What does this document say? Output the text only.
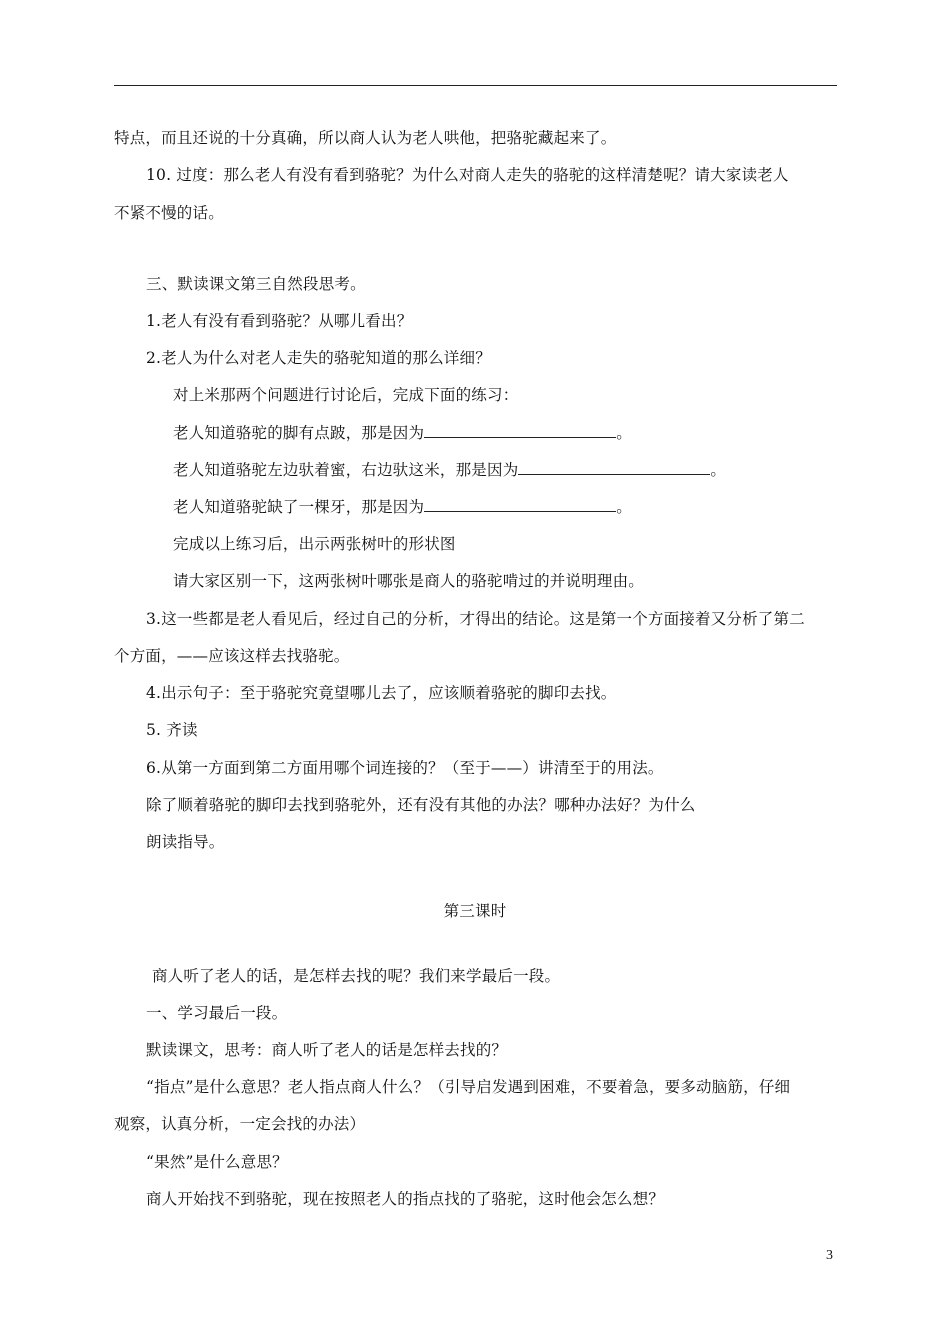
特点，而且还说的十分真确，所以商人认为老人哄他，把骆驼藏起来了。
10. 过度：那么老人有没有看到骆驼？为什么对商人走失的骆驼的这样清楚呢？请大家读老人
不紧不慢的话。
三、默读课文第三自然段思考。
1.老人有没有看到骆驼？从哪儿看出？
2.老人为什么对老人走失的骆驼知道的那么详细？
对上米那两个问题进行讨论后，完成下面的练习：
老人知道骆驼的脚有点跛，那是因为	。
老人知道骆驼左边驮着蜜，右边驮这米，那是因为	。
老人知道骆驼缺了一棵牙，那是因为	。
完成以上练习后，出示两张树叶的形状图
请大家区别一下，这两张树叶哪张是商人的骆驼啃过的并说明理由。
3.这一些都是老人看见后，经过自己的分析，才得出的结论。这是第一个方面接着又分析了第二
个方面，——应该这样去找骆驼。
4.出示句子：至于骆驼究竟望哪儿去了，应该顺着骆驼的脚印去找。
5. 齐读
6.从第一方面到第二方面用哪个词连接的？（至于——）讲清至于的用法。
除了顺着骆驼的脚印去找到骆驼外，还有没有其他的办法？哪种办法好？为什么
朗读指导。
第三课时
商人听了老人的话，是怎样去找的呢？我们来学最后一段。
一、学习最后一段。
默读课文，思考：商人听了老人的话是怎样去找的？
“指点”是什么意思？老人指点商人什么？（引导启发遇到困难，不要着急，要多动脑筋，仔细
观察，认真分析，一定会找的办法）
“果然”是什么意思？
商人开始找不到骆驼，现在按照老人的指点找的了骆驼，这时他会怎么想？
3
